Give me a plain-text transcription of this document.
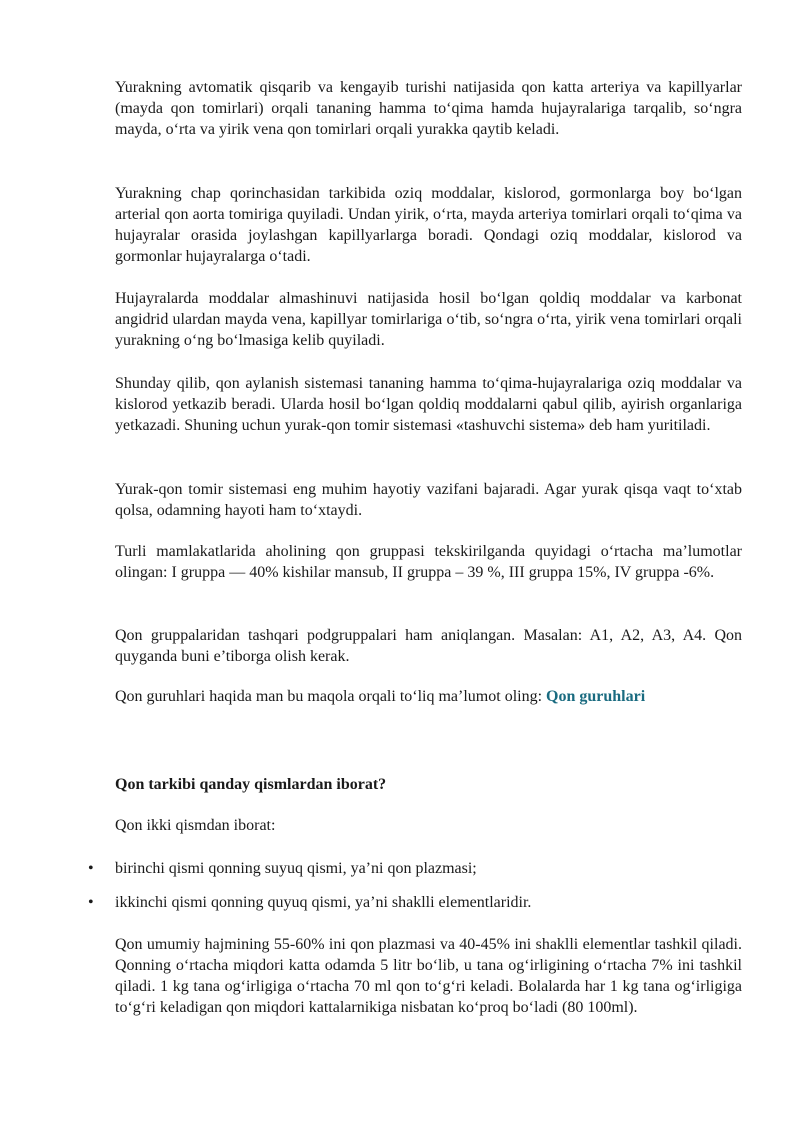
Yurakning avtomatik qisqarib va kengayib turishi natijasida qon katta arteriya va kapillyarlar (mayda qon tomirlari) orqali tananing hamma to‘qima hamda hujayralariga tarqalib, so‘ngra mayda, o‘rta va yirik vena qon tomirlari orqali yurakka qaytib keladi.

Yurakning chap qorinchasidan tarkibida oziq moddalar, kislorod, gormonlarga boy bo‘lgan arterial qon aorta tomiriga quyiladi. Undan yirik, o‘rta, mayda arteriya tomirlari orqali to‘qima va hujayralar orasida joylashgan kapillyarlarga boradi. Qondagi oziq moddalar, kislorod va gormonlar hujayralarga o‘tadi.

Hujayralarda moddalar almashinuvi natijasida hosil bo‘lgan qoldiq moddalar va karbonat angidrid ulardan mayda vena, kapillyar tomirlariga o‘tib, so‘ngra o‘rta, yirik vena tomirlari orqali yurakning o‘ng bo‘lmasiga kelib quyiladi.

Shunday qilib, qon aylanish sistemasi tananing hamma to‘qima-hujayralariga oziq moddalar va kislorod yetkazib beradi. Ularda hosil bo‘lgan qoldiq moddalarni qabul qilib, ayirish organlariga yetkazadi. Shuning uchun yurak-qon tomir sistemasi «tashuvchi sistema» deb ham yuritiladi.

Yurak-qon tomir sistemasi eng muhim hayotiy vazifani bajaradi. Agar yurak qisqa vaqt to‘xtab qolsa, odamning hayoti ham to‘xtaydi.

Turli mamlakatlarida aholining qon gruppasi tekskirilganda quyidagi o‘rtacha ma’lumotlar olingan: I gruppa — 40% kishilar mansub, II gruppa – 39 %, III gruppa 15%, IV gruppa -6%.

Qon gruppalaridan tashqari podgruppalari ham aniqlangan. Masalan: A1, A2, A3, A4. Qon quyganda buni e’tiborga olish kerak.

Qon guruhlari haqida man bu maqola orqali to‘liq ma’lumot oling: Qon guruhlari

Qon tarkibi qanday qismlardan iborat?

Qon ikki qismdan iborat:

• birinchi qismi qonning suyuq qismi, ya’ni qon plazmasi;
• ikkinchi qismi qonning quyuq qismi, ya’ni shaklli elementlaridir.

Qon umumiy hajmining 55-60% ini qon plazmasi va 40-45% ini shaklli elementlar tashkil qiladi. Qonning o‘rtacha miqdori katta odamda 5 litr bo‘lib, u tana og‘irligining o‘rtacha 7% ini tashkil qiladi. 1 kg tana og‘irligiga o‘rtacha 70 ml qon to‘g‘ri keladi. Bolalarda har 1 kg tana og‘irligiga to‘g‘ri keladigan qon miqdori kattalarnikiga nisbatan ko‘proq bo‘ladi (80 100ml).
